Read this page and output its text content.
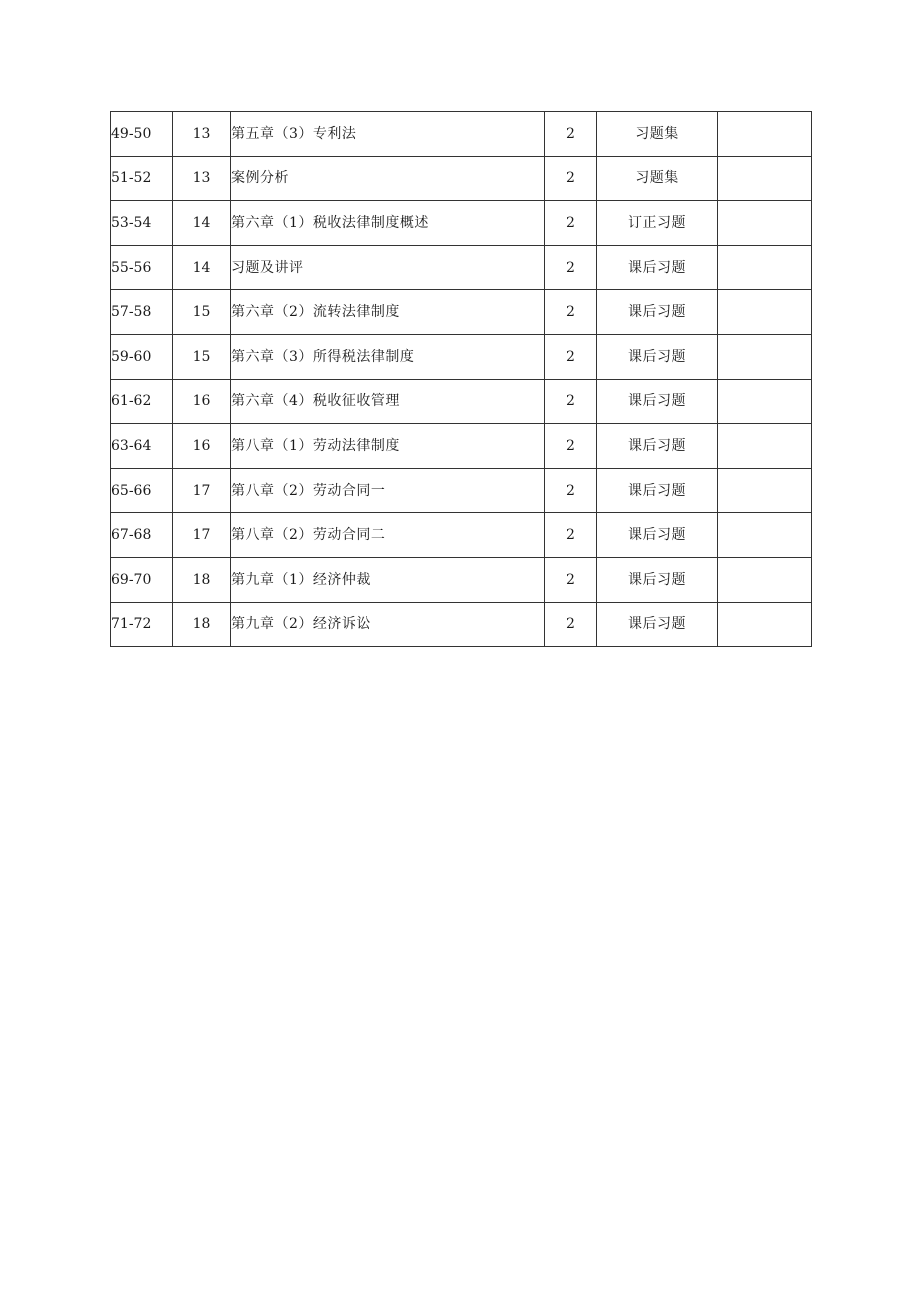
49-50	13	第五章（3）专利法	2	习题集	
51-52	13	案例分析	2	习题集	
53-54	14	第六章（1）税收法律制度概述	2	订正习题	
55-56	14	习题及讲评	2	课后习题	
57-58	15	第六章（2）流转法律制度	2	课后习题	
59-60	15	第六章（3）所得税法律制度	2	课后习题	
61-62	16	第六章（4）税收征收管理	2	课后习题	
63-64	16	第八章（1）劳动法律制度	2	课后习题	
65-66	17	第八章（2）劳动合同一	2	课后习题	
67-68	17	第八章（2）劳动合同二	2	课后习题	
69-70	18	第九章（1）经济仲裁	2	课后习题	
71-72	18	第九章（2）经济诉讼	2	课后习题	
